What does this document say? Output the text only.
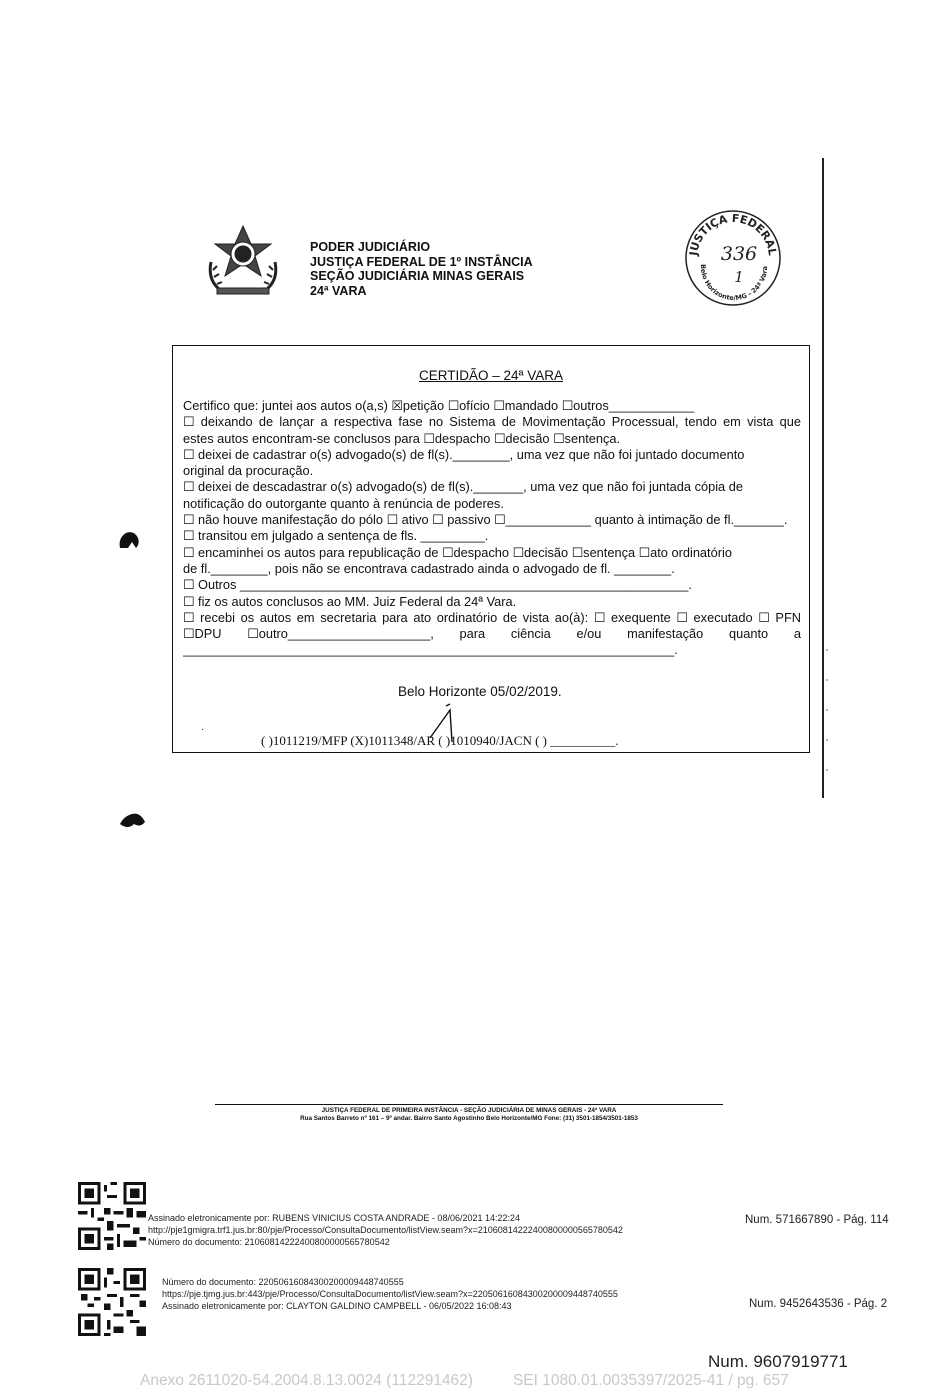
PODER JUDICIÁRIO
JUSTIÇA FEDERAL DE 1º INSTÂNCIA
SEÇÃO JUDICIÁRIA MINAS GERAIS
24ª VARA
JUSTIÇA FEDERAL
Belo Horizonte/MG - 24ª Vara
336
1
CERTIDÃO – 24ª VARA
Certifico que: juntei aos autos o(a,s) ☒petição ☐ofício ☐mandado ☐outros____________
☐ deixando de lançar a respectiva fase no Sistema de Movimentação Processual, tendo em vista que
estes autos encontram-se conclusos para ☐despacho ☐decisão ☐sentença.
☐ deixei de cadastrar o(s) advogado(s) de fl(s).________, uma vez que não foi juntado documento
original da procuração.
☐ deixei de descadastrar o(s) advogado(s) de fl(s)._______, uma vez que não foi juntada cópia de
notificação do outorgante quanto à renúncia de poderes.
☐ não houve manifestação do pólo ☐ ativo ☐ passivo ☐____________ quanto à intimação de fl._______.
☐ transitou em julgado a sentença de fls. _________.
☐ encaminhei os autos para republicação de ☐despacho ☐decisão ☐sentença ☐ato ordinatório
de fl.________, pois não se encontrava cadastrado ainda o advogado de fl. ________.
☐ Outros _______________________________________________________________.
☐ fiz os autos conclusos ao MM. Juiz Federal da 24ª Vara.
☐ recebi os autos em secretaria para ato ordinatório de vista ao(à): ☐ exequente ☐ executado ☐ PFN
☐DPU ☐outro____________________, para ciência e/ou manifestação quanto a
_____________________________________________________________________.
·
Belo Horizonte 05/02/2019.
( )1011219/MFP (X)1011348/AR ( )1010940/JACN ( ) __________.
JUSTIÇA FEDERAL DE PRIMEIRA INSTÂNCIA - SEÇÃO JUDICIÁRIA DE MINAS GERAIS - 24ª VARA
Rua Santos Barreto nº 161 – 9º andar. Bairro Santo Agostinho Belo Horizonte/MG Fone: (31) 3501-1854/3501-1853
Assinado eletronicamente por: RUBENS VINICIUS COSTA ANDRADE - 08/06/2021 14:22:24
http://pje1gmigra.trf1.jus.br:80/pje/Processo/ConsultaDocumento/listView.seam?x=21060814222400800000565780542
Número do documento: 21060814222400800000565780542
Num. 571667890 - Pág. 114
Número do documento: 22050616084300200009448740555
https://pje.tjmg.jus.br:443/pje/Processo/ConsultaDocumento/listView.seam?x=22050616084300200009448740555
Assinado eletronicamente por: CLAYTON GALDINO CAMPBELL - 06/05/2022 16:08:43	Num. 9452643536 - Pág. 2
Num. 9607919771
Anexo 2611020-54.2004.8.13.0024 (112291462)	SEI 1080.01.0035397/2025-41 / pg. 657
